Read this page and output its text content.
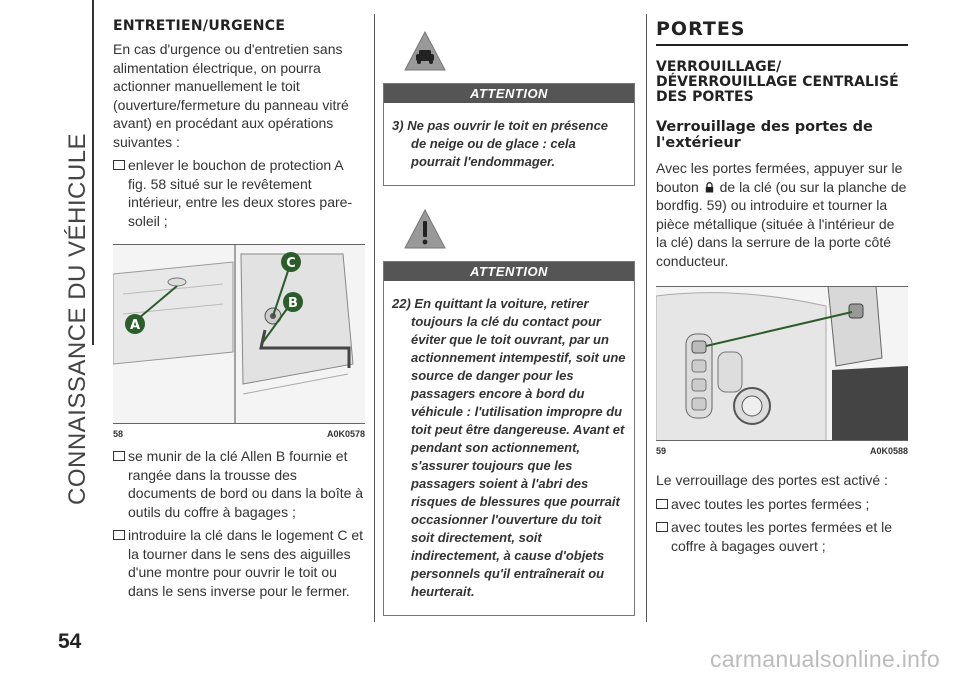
CONNAISSANCE DU VÉHICULE
54
ENTRETIEN/URGENCE

En cas d'urgence ou d'entretien sans alimentation électrique, on pourra actionner manuellement le toit (ouverture/fermeture du panneau vitré avant) en procédant aux opérations suivantes :

enlever le bouchon de protection A fig. 58 situé sur le revêtement intérieur, entre les deux stores pare-soleil ;
A
C
B
58	A0K0578
se munir de la clé Allen B fournie et rangée dans la trousse des documents de bord ou dans la boîte à outils du coffre à bagages ;
introduire la clé dans le logement C et la tourner dans le sens des aiguilles d'une montre pour ouvrir le toit ou dans le sens inverse pour le fermer.
ATTENTION
3) Ne pas ouvrir le toit en présence de neige ou de glace : cela pourrait l'endommager.
ATTENTION
22) En quittant la voiture, retirer toujours la clé du contact pour éviter que le toit ouvrant, par un actionnement intempestif, soit une source de danger pour les passagers encore à bord du véhicule : l'utilisation impropre du toit peut être dangereuse. Avant et pendant son actionnement, s'assurer toujours que les passagers soient à l'abri des risques de blessures que pourrait occasionner l'ouverture du toit soit directement, soit indirectement, à cause d'objets personnels qu'il entraînerait ou heurterait.
PORTES
VERROUILLAGE/ DÉVERROUILLAGE CENTRALISÉ DES PORTES
Verrouillage des portes de l'extérieur

Avec les portes fermées, appuyer sur le bouton de la clé (ou sur la planche de bordfig. 59) ou introduire et tourner la pièce métallique (située à l'intérieur de la clé) dans la serrure de la porte côté conducteur.

59	A0K0588

Le verrouillage des portes est activé :

avec toutes les portes fermées ;
avec toutes les portes fermées et le coffre à bagages ouvert ;
carmanualsonline.info
